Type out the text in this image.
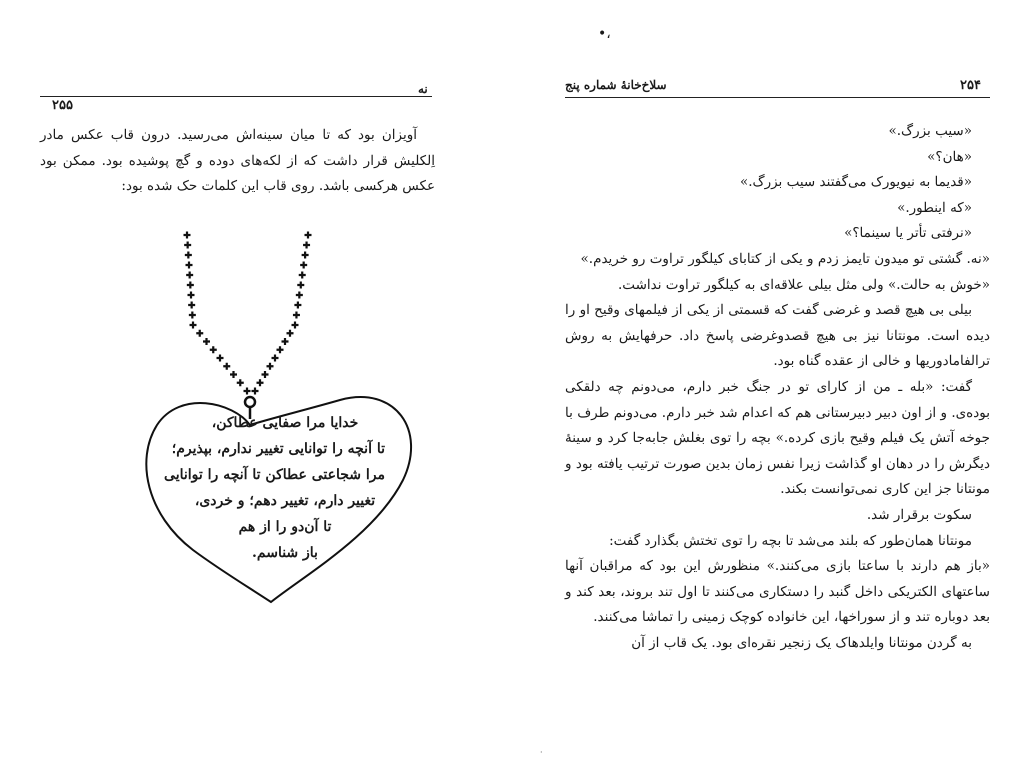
نه
۲۵۵

آویزان بود که تا میان سینه‌اش می‌رسید. درون قاب عکس مادر اِلکلیش قرار داشت که از لکه‌های دوده و گچ پوشیده بود. ممکن بود عکس هرکسی باشد. روی قاب این کلمات حک شده بود:

خدایا مرا صفایی عطاکن،
تا آنچه را توانایی تغییر ندارم، بپذیرم؛
مرا شجاعتی عطاکن تا آنچه را توانایی
تغییر دارم، تغییر دهم؛ و خردی،
تا آن‌دو را از هم
باز شناسم.
•،
۲۵۴
سلاخ‌خانهٔ شماره پنج

«سیب بزرگ.»

«هان؟»

«قدیما به نیویورک می‌گفتند سیب بزرگ.»

«که اینطور.»

«نرفتی تأتر یا سینما؟»

«نه. گشتی تو میدون تایمز زدم و یکی از کتابای کیلگور تراوت رو خریدم.»

«خوش به حالت.» ولی مثل بیلی علاقه‌ای به کیلگور تراوت نداشت.

بیلی بی هیچ قصد و غرضی گفت که قسمتی از یکی از فیلمهای وقیح او را دیده است. مونتانا نیز بی هیچ قصدوغرضی پاسخ داد. حرفهایش به روش ترالفامادوریها و خالی از عقده گناه بود.

گفت: «بله ـ من از کارای تو در جنگ خبر دارم، می‌دونم چه دلقکی بوده‌ی. و از اون دبیر دبیرستانی هم که اعدام شد خبر دارم. می‌دونم طرف با جوخه آتش یک فیلم وقیح بازی کرده.» بچه را توی بغلش جابه‌جا کرد و سینهٔ دیگرش را در دهان او گذاشت زیرا نفس زمان بدین صورت ترتیب یافته بود و مونتانا جز این کاری نمی‌توانست بکند.

سکوت برقرار شد.

مونتانا همان‌طور که بلند می‌شد تا بچه را توی تختش بگذارد گفت:

«باز هم دارند با ساعتا بازی می‌کنند.» منظورش این بود که مراقبان آنها ساعتهای الکتریکی داخل گنبد را دستکاری می‌کنند تا اول تند بروند، بعد کند و بعد دوباره تند و از سوراخها، این خانواده کوچک زمینی را تماشا می‌کنند.

به گردن مونتانا وایلدهاک یک زنجیر نقره‌ای بود. یک قاب از آن

·
